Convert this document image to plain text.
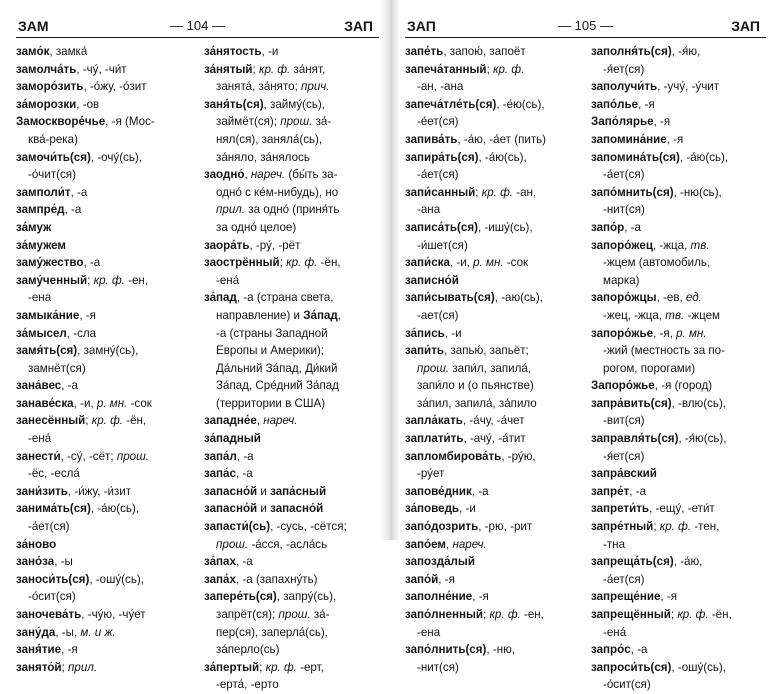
ЗАМ	— 104 —	ЗАП
замо́к, замка́
замолча́ть, -чу́, -чи́т
заморо́зить, -о́жу, -о́зит
за́морозки, -ов
Замоскворе́чье, -я (Мос-
ква́-река)
замочи́ть(ся), -очу́(сь),
-о́чит(ся)
замполи́т, -а
зампре́д, -а
за́муж
за́мужем
заму́жество, -а
заму́ченный; кр. ф. -ен,
-ена
замыка́ние, -я
за́мысел, -сла
замя́ть(ся), замну́(сь),
замнёт(ся)
зана́вес, -а
занаве́ска, -и, р. мн. -сок
занесённый; кр. ф. -ён,
-ена́
занести́, -су́, -сёт; прош.
-ёс, -есла́
зани́зить, -и́жу, -и́зит
занима́ть(ся), -а́ю(сь),
-а́ет(ся)
за́ново
зано́за, -ы
заноси́ть(ся), -ошу́(сь),
-о́сит(ся)
заночева́ть, -чу́ю, -чу́ет
зану́да, -ы, м. и ж.
заня́тие, -я
занято́й; прил.
за́нятость, -и
за́нятый; кр. ф. за́нят,
занята́, за́нято; прич.
заня́ть(ся), займу́(сь),
займёт(ся); прош. за́-
нял(ся), заняла́(сь),
за́няло, за́нялось
заодно́, нареч. (бы́ть за-
одно́ с ке́м-нибудь), но
прил. за одно́ (приня́ть
за одно́ целое)
заора́ть, -ру́, -рёт
заострённый; кр. ф. -ён,
-ена́
за́пад, -а (страна света,
направление) и За́пад,
-а (страны Западной
Европы и Америки);
Да́льний За́пад, Ди́кий
За́пад, Сре́дний За́пад
(территории в США)
западне́е, нареч.
за́падный
запа́л, -а
запа́с, -а
запасно́й и запа́сный
запасно́й и запасно́й
запасти́(сь), -сусь, -сётся;
прош. -а́сся, -асла́сь
за́пах, -а
запа́х, -а (запахну́ть)
запере́ть(ся), запру́(сь),
запрёт(ся); прош. за́-
пер(ся), заперла́(сь),
за́перло(сь)
за́пертый; кр. ф. -ерт,
-ерта́, -ерто
ЗАП	— 105 —	ЗАП
запе́ть, запою́, запоёт
запеча́танный; кр. ф.
-ан, -ана
запеча́тле́ть(ся), -е́ю(сь),
-е́ет(ся)
запива́ть, -а́ю, -а́ет (пить)
запира́ть(ся), -а́ю(сь),
-а́ет(ся)
запи́санный; кр. ф. -ан,
-ана
записа́ть(ся), -ишу́(сь),
-и́шет(ся)
запи́ска, -и, р. мн. -сок
записно́й
запи́сывать(ся), -аю(сь),
-ает(ся)
за́пись, -и
запи́ть, запью́, запьёт;
прош. запи́л, запила́,
запи́ло и (о пьянстве)
за́пил, запила́, за́пило
запла́кать, -а́чу, -а́чет
заплати́ть, -ачу́, -а́тит
запломбирова́ть, -ру́ю,
-ру́ет
запове́дник, -а
за́поведь, -и
запо́дозрить, -рю, -рит
запо́ем, нареч.
запозда́лый
запо́й, -я
заполне́ние, -я
запо́лненный; кр. ф. -ен,
-ена
запо́лнить(ся), -ню,
-нит(ся)
заполня́ть(ся), -я́ю,
-я́ет(ся)
заполучи́ть, -учу́, -у́чит
запо́лье, -я
Запо́лярье, -я
запомина́ние, -я
запомина́ть(ся), -а́ю(сь),
-а́ет(ся)
запо́мнить(ся), -ню(сь),
-нит(ся)
запо́р, -а
запоро́жец, -жца, тв.
-жцем (автомобиль,
марка)
запоро́жцы, -ев, ед.
-жец, -жца, тв. -жцем
запоро́жье, -я, р. мн.
-жий (местность за по-
рогом, порогами)
Запоро́жье, -я (город)
запра́вить(ся), -влю(сь),
-вит(ся)
заправля́ть(ся), -я́ю(сь),
-я́ет(ся)
запра́вский
запре́т, -а
запрети́ть, -ещу́, -ети́т
запре́тный; кр. ф. -тен,
-тна
запреща́ть(ся), -а́ю,
-а́ет(ся)
запреще́ние, -я
запрещённый; кр. ф. -ён,
-ена́
запро́с, -а
запроси́ть(ся), -ошу́(сь),
-о́сит(ся)
